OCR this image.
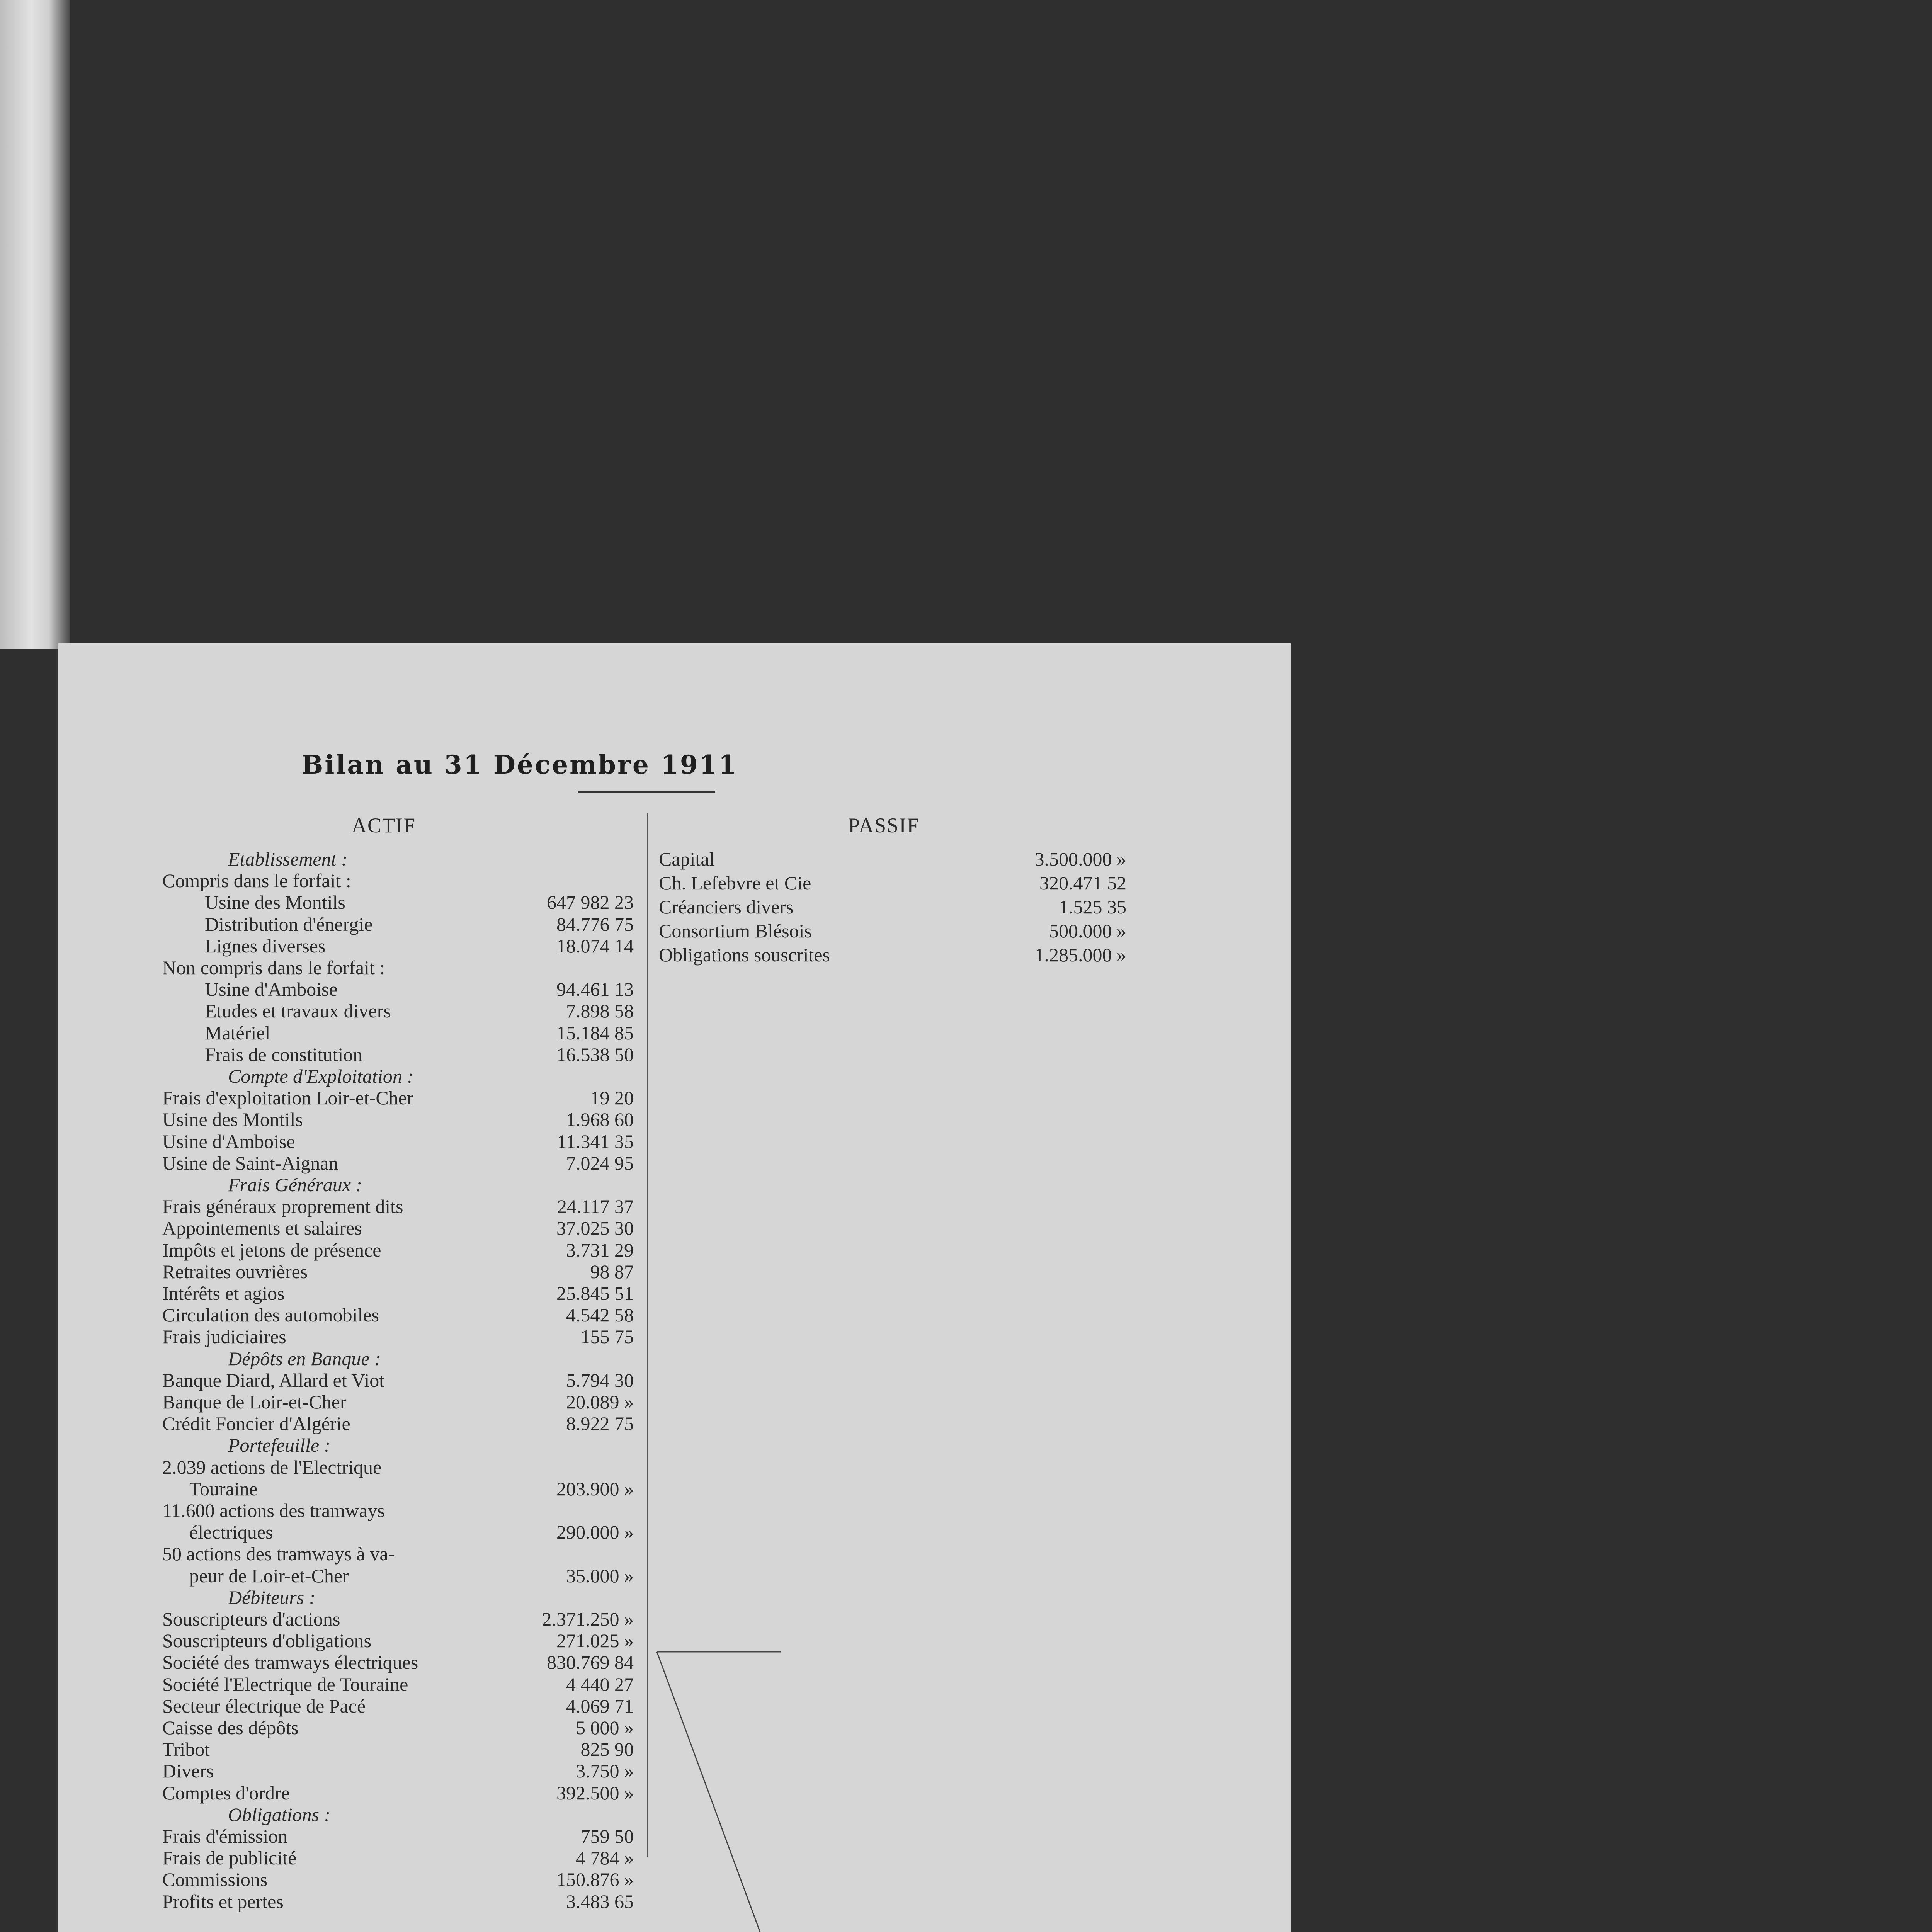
Bilan au 31 Décembre 1911
ACTIF	PASSIF
Etablissement :
Compris dans le forfait :
Usine des Montils	647 982 23
Distribution d'énergie	84.776 75
Lignes diverses	18.074 14
Non compris dans le forfait :
Usine d'Amboise	94.461 13
Etudes et travaux divers	7.898 58
Matériel	15.184 85
Frais de constitution	16.538 50
Compte d'Exploitation :
Frais d'exploitation Loir-et-Cher	19 20
Usine des Montils	1.968 60
Usine d'Amboise	11.341 35
Usine de Saint-Aignan	7.024 95
Frais Généraux :
Frais généraux proprement dits	24.117 37
Appointements et salaires	37.025 30
Impôts et jetons de présence	3.731 29
Retraites ouvrières	98 87
Intérêts et agios	25.845 51
Circulation des automobiles	4.542 58
Frais judiciaires	155 75
Dépôts en Banque :
Banque Diard, Allard et Viot	5.794 30
Banque de Loir-et-Cher	20.089 »
Crédit Foncier d'Algérie	8.922 75
Portefeuille :
2.039 actions de l'Electrique
Touraine	203.900 »
11.600 actions des tramways
électriques	290.000 »
50 actions des tramways à va-
peur de Loir-et-Cher	35.000 »
Débiteurs :
Souscripteurs d'actions	2.371.250 »
Souscripteurs d'obligations	271.025 »
Société des tramways électriques	830.769 84
Société l'Electrique de Touraine	4 440 27
Secteur électrique de Pacé	4.069 71
Caisse des dépôts	5 000 »
Tribot	825 90
Divers	3.750 »
Comptes d'ordre	392.500 »
Obligations :
Frais d'émission	759 50
Frais de publicité	4 784 »
Commissions	150.876 »
Profits et pertes	3.483 65
Capital	3.500.000 »
Ch. Lefebvre et Cie	320.471 52
Créanciers divers	1.525 35
Consortium Blésois	500.000 »
Obligations souscrites	1.285.000 »
